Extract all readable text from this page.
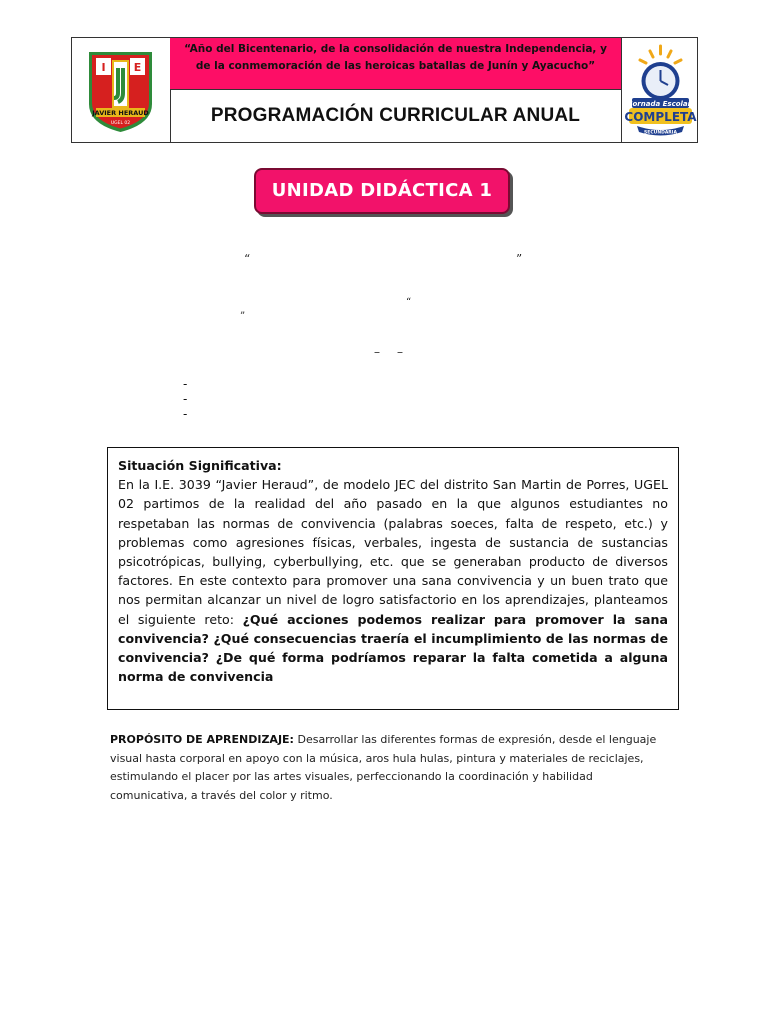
I	E
JAVIER HERAUD
UGEL 02
“Año del Bicentenario, de la consolidación de nuestra Independencia, y de la conmemoración de las heroicas batallas de Junín y Ayacucho”
PROGRAMACIÓN CURRICULAR ANUAL
Jornada Escolar
COMPLETA
SECUNDARIA
UNIDAD DIDÁCTICA 1
“	”
“
”
– –
-
-
-
Situación Significativa:
En la I.E. 3039 “Javier Heraud”, de modelo JEC del distrito San Martin de Porres, UGEL 02 partimos de la realidad del año pasado en la que algunos estudiantes no respetaban las normas de convivencia (palabras soeces, falta de respeto, etc.) y problemas como agresiones físicas, verbales, ingesta de sustancia de sustancias psicotrópicas, bullying, cyberbullying, etc. que se generaban producto de diversos factores. En este contexto para promover una sana convivencia y un buen trato que nos permitan alcanzar un nivel de logro satisfactorio en los aprendizajes, planteamos el siguiente reto: ¿Qué acciones podemos realizar para promover la sana convivencia? ¿Qué consecuencias traería el incumplimiento de las normas de convivencia? ¿De qué forma podríamos reparar la falta cometida a alguna norma de convivencia
PROPÓSITO DE APRENDIZAJE: Desarrollar las diferentes formas de expresión, desde el lenguaje visual hasta corporal en apoyo con la música, aros hula hulas, pintura y materiales de reciclajes, estimulando el placer por las artes visuales, perfeccionando la coordinación y habilidad comunicativa, a través del color y ritmo.
